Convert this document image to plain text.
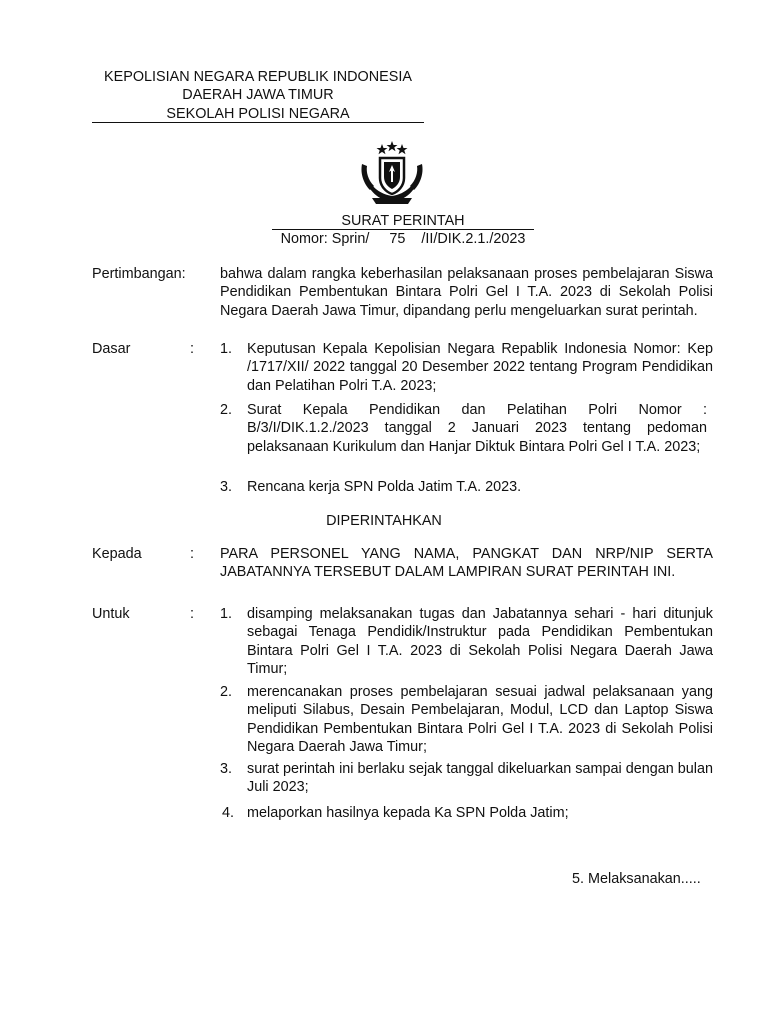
KEPOLISIAN NEGARA REPUBLIK INDONESIA
DAERAH JAWA TIMUR
SEKOLAH POLISI NEGARA
SURAT PERINTAH
Nomor: Sprin/     75    /II/DIK.2.1./2023
Pertimbangan: bahwa dalam rangka keberhasilan pelaksanaan proses pembelajaran Siswa Pendidikan Pembentukan Bintara Polri Gel I T.A. 2023 di Sekolah Polisi Negara Daerah Jawa Timur, dipandang perlu mengeluarkan surat perintah.
Dasar	:	1. Keputusan Kepala Kepolisian Negara Repablik Indonesia Nomor: Kep /1717/XII/ 2022 tanggal 20 Desember 2022 tentang Program Pendidikan dan Pelatihan Polri T.A. 2023;
2. Surat Kepala Pendidikan dan Pelatihan Polri Nomor : B/3/I/DIK.1.2./2023 tanggal 2 Januari 2023 tentang pedoman pelaksanaan Kurikulum dan Hanjar Diktuk Bintara Polri Gel I T.A. 2023;
3. Rencana kerja SPN Polda Jatim T.A. 2023.
DIPERINTAHKAN
Kepada	:	PARA PERSONEL YANG NAMA, PANGKAT DAN NRP/NIP SERTA JABATANNYA TERSEBUT DALAM LAMPIRAN SURAT PERINTAH INI.
Untuk	:	1. disamping melaksanakan tugas dan Jabatannya sehari - hari ditunjuk sebagai Tenaga Pendidik/Instruktur pada Pendidikan Pembentukan Bintara Polri Gel I T.A. 2023 di Sekolah Polisi Negara Daerah Jawa Timur;
2. merencanakan proses pembelajaran sesuai jadwal pelaksanaan yang meliputi Silabus, Desain Pembelajaran, Modul, LCD dan Laptop Siswa Pendidikan Pembentukan Bintara Polri Gel I T.A. 2023 di Sekolah Polisi Negara Daerah Jawa Timur;
3. surat perintah ini berlaku sejak tanggal dikeluarkan sampai dengan bulan Juli 2023;
4. melaporkan hasilnya kepada Ka SPN Polda Jatim;
5. Melaksanakan.....
